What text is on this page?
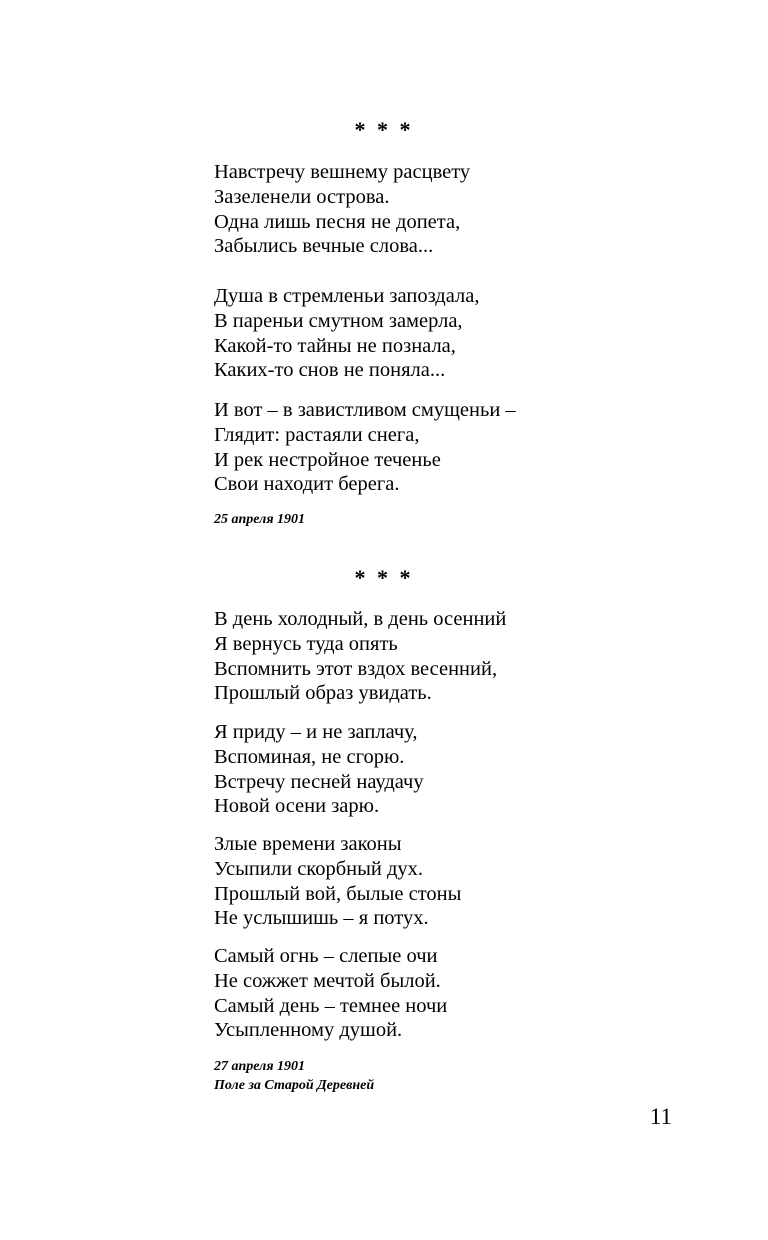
* * *
Навстречу вешнему расцвету
Зазеленели острова.
Одна лишь песня не допета,
Забылись вечные слова...
Душа в стремленьи запоздала,
В пареньи смутном замерла,
Какой-то тайны не познала,
Каких-то снов не поняла...
И вот – в завистливом смущеньи –
Глядит: растаяли снега,
И рек нестройное теченье
Свои находит берега.
25 апреля 1901
* * *
В день холодный, в день осенний
Я вернусь туда опять
Вспомнить этот вздох весенний,
Прошлый образ увидать.
Я приду – и не заплачу,
Вспоминая, не сгорю.
Встречу песней наудачу
Новой осени зарю.
Злые времени законы
Усыпили скорбный дух.
Прошлый вой, былые стоны
Не услышишь – я потух.
Самый огнь – слепые очи
Не сожжет мечтой былой.
Самый день – темнее ночи
Усыпленному душой.
27 апреля 1901
Поле за Старой Деревней
11
